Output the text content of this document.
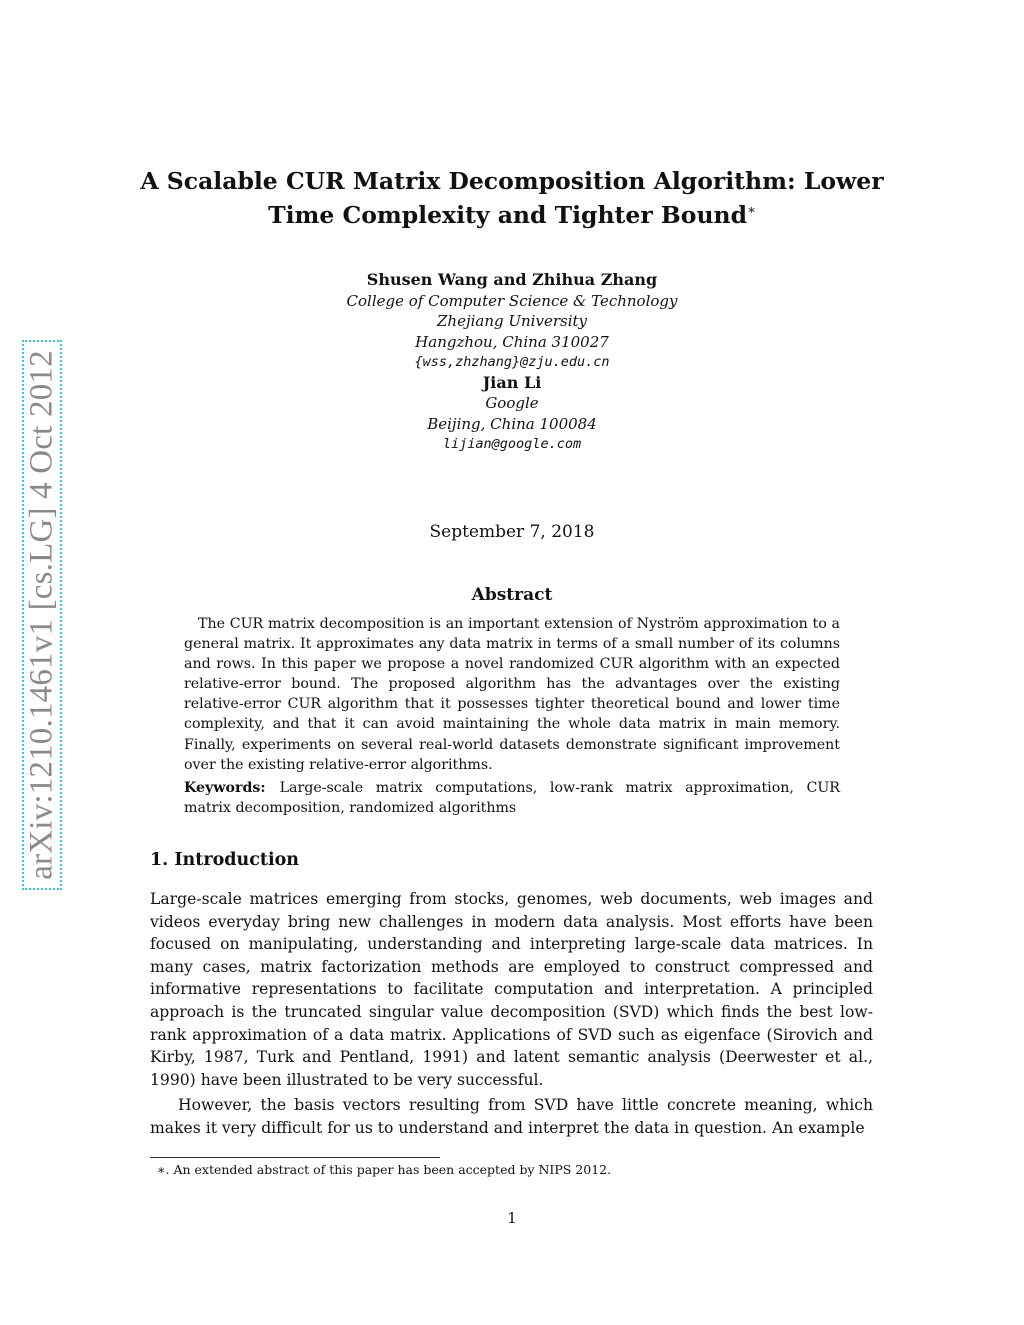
arXiv:1210.1461v1 [cs.LG] 4 Oct 2012
A Scalable CUR Matrix Decomposition Algorithm: Lower
Time Complexity and Tighter Bound∗
Shusen Wang and Zhihua Zhang
College of Computer Science & Technology
Zhejiang University
Hangzhou, China 310027
{wss,zhzhang}@zju.edu.cn
Jian Li
Google
Beijing, China 100084
lijian@google.com
September 7, 2018
Abstract
The CUR matrix decomposition is an important extension of Nyström approximation to a general matrix. It approximates any data matrix in terms of a small number of its columns and rows. In this paper we propose a novel randomized CUR algorithm with an expected relative-error bound. The proposed algorithm has the advantages over the existing relative-error CUR algorithm that it possesses tighter theoretical bound and lower time complexity, and that it can avoid maintaining the whole data matrix in main memory. Finally, experiments on several real-world datasets demonstrate significant improvement over the existing relative-error algorithms.
Keywords: Large-scale matrix computations, low-rank matrix approximation, CUR matrix decomposition, randomized algorithms
1. Introduction
Large-scale matrices emerging from stocks, genomes, web documents, web images and videos everyday bring new challenges in modern data analysis. Most efforts have been focused on manipulating, understanding and interpreting large-scale data matrices. In many cases, matrix factorization methods are employed to construct compressed and informative representations to facilitate computation and interpretation. A principled approach is the truncated singular value decomposition (SVD) which finds the best low-rank approximation of a data matrix. Applications of SVD such as eigenface (Sirovich and Kirby, 1987, Turk and Pentland, 1991) and latent semantic analysis (Deerwester et al., 1990) have been illustrated to be very successful.
However, the basis vectors resulting from SVD have little concrete meaning, which makes it very difficult for us to understand and interpret the data in question. An example
∗. An extended abstract of this paper has been accepted by NIPS 2012.
1
